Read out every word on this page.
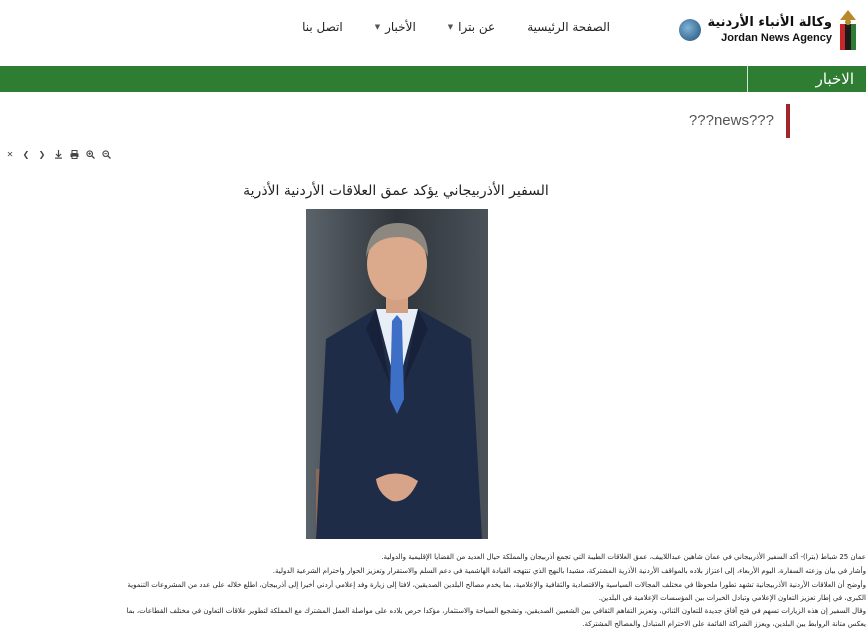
وكالة الأنباء الأردنية
Jordan News Agency
الصفحة الرئيسية
عن بترا
▼
الأخبار
▼
اتصل بنا
الاخبار
???news???
✕	❮	❯
السفير الأذربيجاني يؤكد عمق العلاقات الأردنية الأذرية
عمان 25 شباط (بترا)- أكد السفير الأذربيجاني في عمان شاهين عبداللاييف، عمق العلاقات الطيبة التي تجمع أذربيجان والمملكة حيال العديد من القضايا الإقليمية والدولية.
وأشار في بيان وزعته السفارة، اليوم الأربعاء، إلى اعتزاز بلاده بالمواقف الأردنية الأذرية المشتركة، مشيدا بالنهج الذي تنتهجه القيادة الهاشمية في دعم السلم والاستقرار وتعزيز الحوار واحترام الشرعية الدولية.
وأوضح أن العلاقات الأردنية الأذربيجانية تشهد تطورا ملحوظا في مختلف المجالات السياسية والاقتصادية والثقافية والإعلامية، بما يخدم مصالح البلدين الصديقين، لافتا إلى زيارة وفد إعلامي أردني أخيرا إلى أذربيجان، اطلع خلاله على عدد من المشروعات التنموية
الكبرى، في إطار تعزيز التعاون الإعلامي وتبادل الخبرات بين المؤسسات الإعلامية في البلدين.
وقال السفير إن هذه الزيارات تسهم في فتح آفاق جديدة للتعاون الثنائي، وتعزيز التفاهم الثقافي بين الشعبين الصديقين، وتشجيع السياحة والاستثمار، مؤكدا حرص بلاده على مواصلة العمل المشترك مع المملكة لتطوير علاقات التعاون في مختلف القطاعات، بما
يعكس متانة الروابط بين البلدين، ويعزز الشراكة القائمة على الاحترام المتبادل والمصالح المشتركة.
